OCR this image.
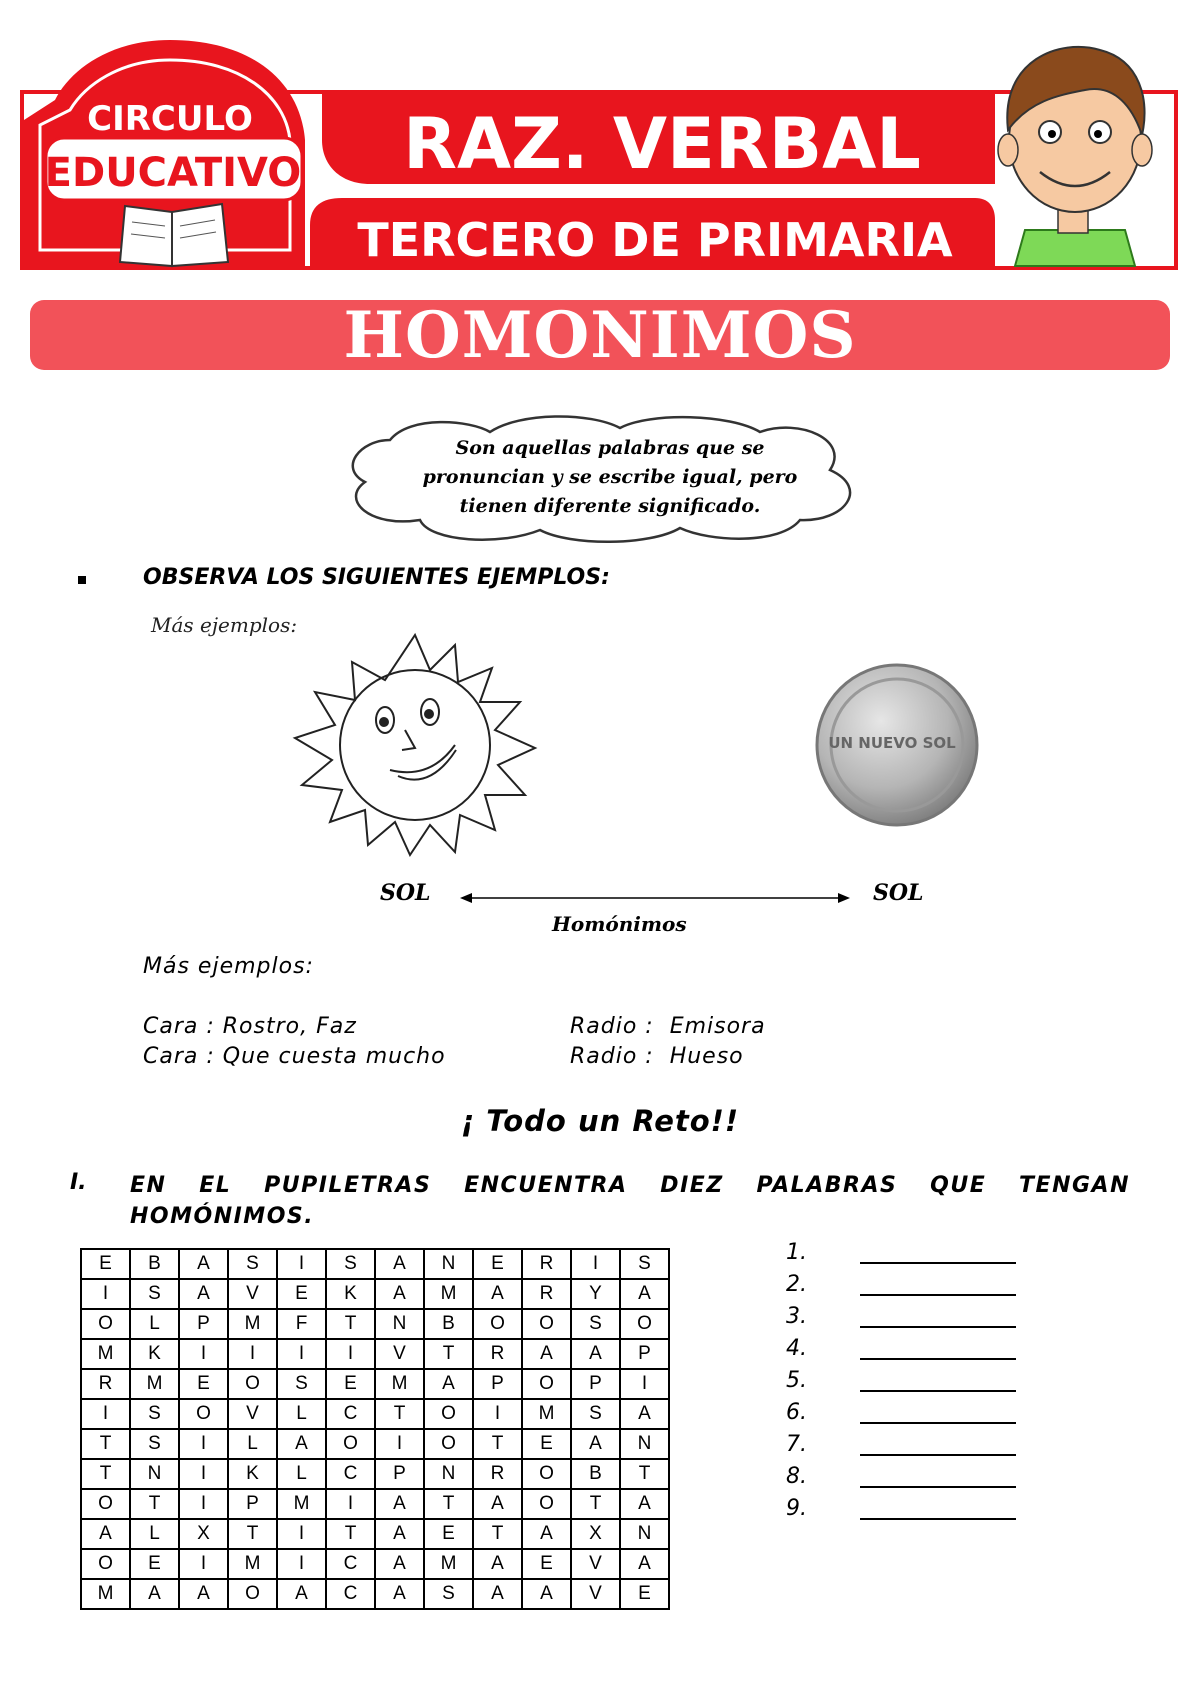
CIRCULO
EDUCATIVO RAZ. VERBAL
TERCERO DE PRIMARIA
HOMONIMOS
Son aquellas palabras que se
pronuncian y se escribe igual, pero
tienen diferente significado.
OBSERVA LOS SIGUIENTES EJEMPLOS:
Más ejemplos:
UN NUEVO SOL
SOL	SOL
Homónimos
Más ejemplos:
Cara : Rostro, Faz
Cara : Que cuesta mucho
Radio :  Emisora
Radio :  Hueso
¡ Todo un Reto!!
I. EN EL PUPILETRAS ENCUENTRA DIEZ PALABRAS QUE TENGAN HOMÓNIMOS.
E	B	A	S	I	S	A	N	E	R	I	S
I	S	A	V	E	K	A	M	A	R	Y	A
O	L	P	M	F	T	N	B	O	O	S	O
M	K	I	I	I	I	V	T	R	A	A	P
R	M	E	O	S	E	M	A	P	O	P	I
I	S	O	V	L	C	T	O	I	M	S	A
T	S	I	L	A	O	I	O	T	E	A	N
T	N	I	K	L	C	P	N	R	O	B	T
O	T	I	P	M	I	A	T	A	O	T	A
A	L	X	T	I	T	A	E	T	A	X	N
O	E	I	M	I	C	A	M	A	E	V	A
M	A	A	O	A	C	A	S	A	A	V	E
1.
2.
3.
4.
5.
6.
7.
8.
9.
